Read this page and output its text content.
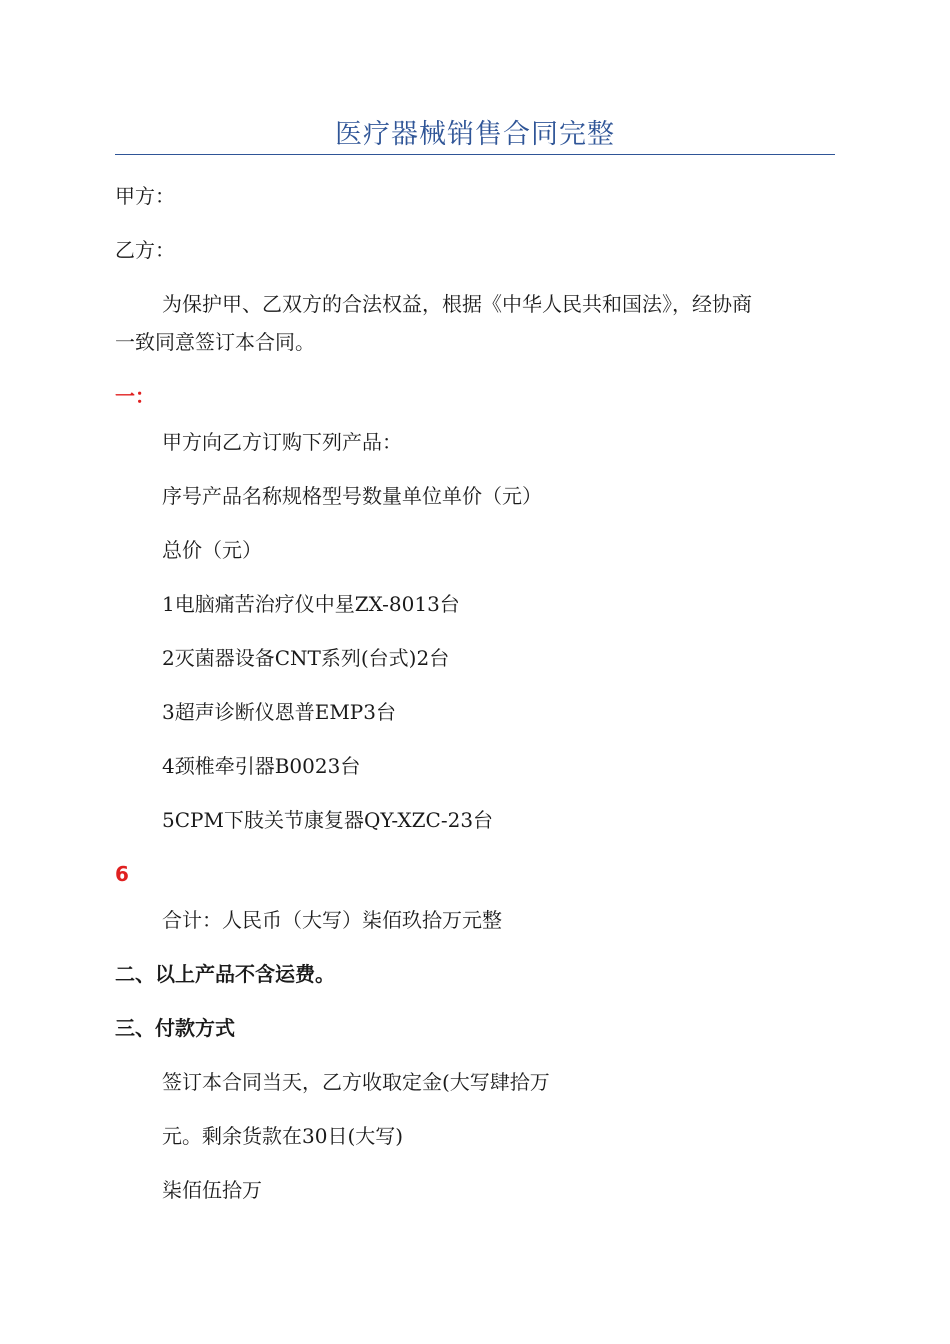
医疗器械销售合同完整
甲方：
乙方：
为保护甲、乙双方的合法权益，根据《中华人民共和国法》，经协商
一致同意签订本合同。
一：
甲方向乙方订购下列产品：
序号产品名称规格型号数量单位单价（元）
总价（元）
1电脑痛苦治疗仪中星ZX-8013台
2灭菌器设备CNT系列(台式)2台
3超声诊断仪恩普EMP3台
4颈椎牵引器B0023台
5CPM下肢关节康复器QY-XZC-23台
6
合计：人民币（大写）柒佰玖拾万元整
二、以上产品不含运费。
三、付款方式
签订本合同当天，乙方收取定金(大写肆拾万
元。剩余货款在30日(大写)
柒佰伍拾万
